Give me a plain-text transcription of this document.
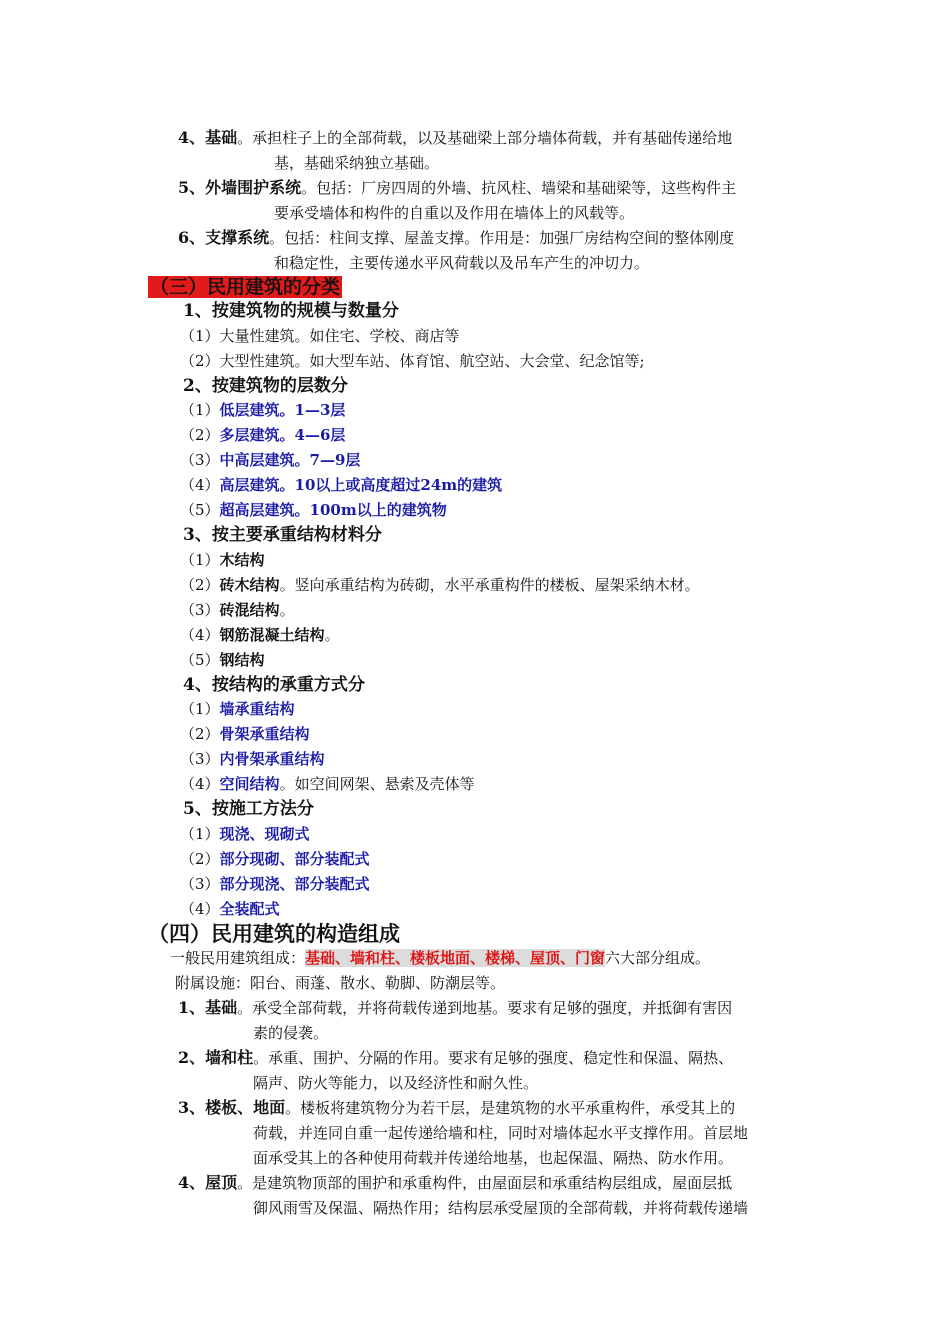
4、基础。承担柱子上的全部荷载，以及基础梁上部分墙体荷载，并有基础传递给地
基，基础采纳独立基础。
5、外墙围护系统。包括：厂房四周的外墙、抗风柱、墙梁和基础梁等，这些构件主
要承受墙体和构件的自重以及作用在墙体上的风载等。
6、支撑系统。包括：柱间支撑、屋盖支撑。作用是：加强厂房结构空间的整体刚度
和稳定性，主要传递水平风荷载以及吊车产生的冲切力。
（三）民用建筑的分类
1、按建筑物的规模与数量分
（1）大量性建筑。如住宅、学校、商店等
（2）大型性建筑。如大型车站、体育馆、航空站、大会堂、纪念馆等;
2、按建筑物的层数分
（1）低层建筑。1—3层
（2）多层建筑。4—6层
（3）中高层建筑。7—9层
（4）高层建筑。10以上或高度超过24m的建筑
（5）超高层建筑。100m以上的建筑物
3、按主要承重结构材料分
（1）木结构
（2）砖木结构。竖向承重结构为砖砌，水平承重构件的楼板、屋架采纳木材。
（3）砖混结构。
（4）钢筋混凝土结构。
（5）钢结构
4、按结构的承重方式分
（1）墙承重结构
（2）骨架承重结构
（3）内骨架承重结构
（4）空间结构。如空间网架、悬索及壳体等
5、按施工方法分
（1）现浇、现砌式
（2）部分现砌、部分装配式
（3）部分现浇、部分装配式
（4）全装配式
（四）民用建筑的构造组成
一般民用建筑组成：基础、墙和柱、楼板地面、楼梯、屋顶、门窗六大部分组成。
附属设施：阳台、雨蓬、散水、勒脚、防潮层等。
1、基础。承受全部荷载，并将荷载传递到地基。要求有足够的强度，并抵御有害因
素的侵袭。
2、墙和柱。承重、围护、分隔的作用。要求有足够的强度、稳定性和保温、隔热、
隔声、防火等能力，以及经济性和耐久性。
3、楼板、地面。楼板将建筑物分为若干层，是建筑物的水平承重构件，承受其上的
荷载，并连同自重一起传递给墙和柱，同时对墙体起水平支撑作用。首层地
面承受其上的各种使用荷载并传递给地基，也起保温、隔热、防水作用。
4、屋顶。是建筑物顶部的围护和承重构件，由屋面层和承重结构层组成，屋面层抵
御风雨雪及保温、隔热作用；结构层承受屋顶的全部荷载，并将荷载传递墙
